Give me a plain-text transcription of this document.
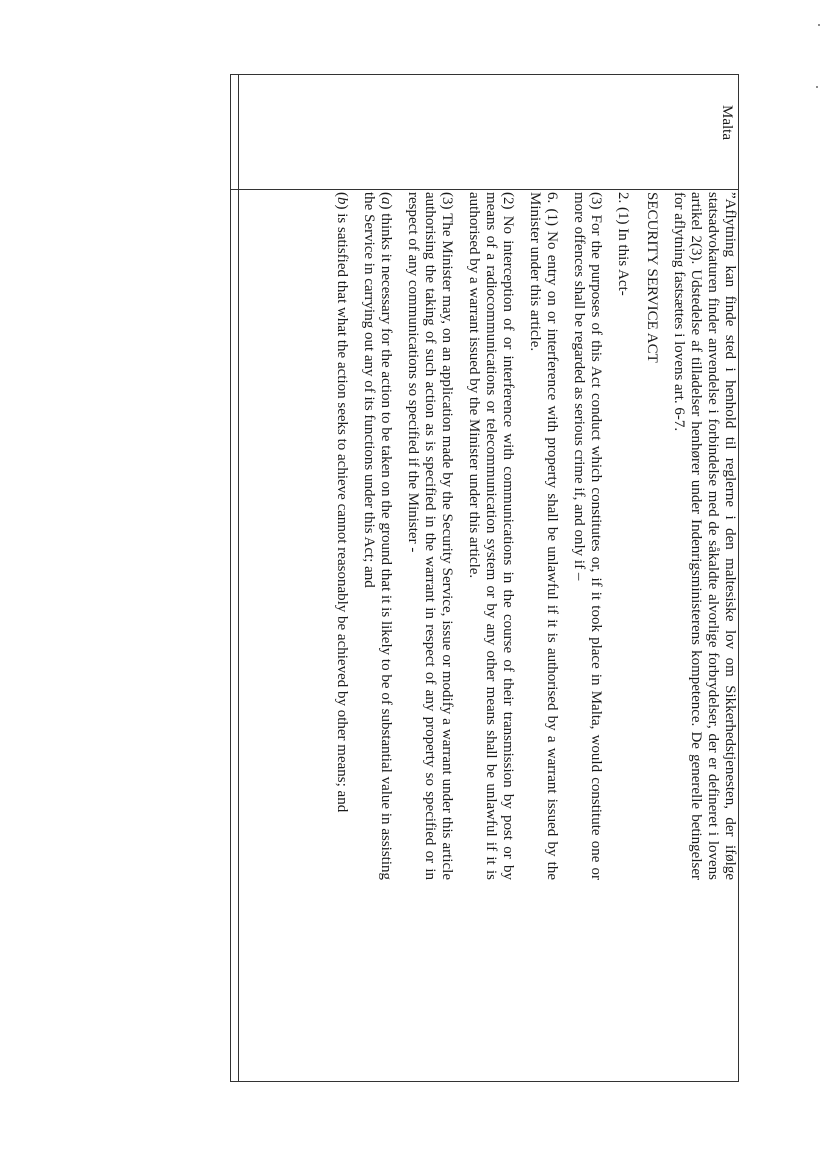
Malta

”Aflytning kan finde sted i henhold til reglerne i den maltesiske lov om Sikkerhedstjenesten, der ifølge statsadvokaturen finder anvendelse i forbindelse med de såkaldte alvorlige forbrydelser, der er defineret i lovens artikel 2(3). Udstedelse af tilladelser henhører under Indenrigsministerens kompetence. De generelle betingelser for aflytning fastsættes i lovens art. 6-7.

SECURITY SERVICE ACT

2. (1) In this Act-

(3) For the purposes of this Act conduct which constitutes or, if it took place in Malta, would constitute one or more offences shall be regarded as serious crime if, and only if –

6. (1) No entry on or interference with property shall be unlawful if it is authorised by a warrant issued by the Minister under this article.

(2) No interception of or interference with communications in the course of their transmission by post or by means of a radiocommunications or telecommunication system or by any other means shall be unlawful if it is authorised by a warrant issued by the Minister under this article.

(3) The Minister may, on an application made by the Security Service, issue or modify a warrant under this article authorising the taking of such action as is specified in the warrant in respect of any property so specified or in respect of any communications so specified if the Minister -

(a) thinks it necessary for the action to be taken on the ground that it is likely to be of substantial value in assisting the Service in carrying out any of its functions under this Act; and

(b) is satisfied that what the action seeks to achieve cannot reasonably be achieved by other means; and
